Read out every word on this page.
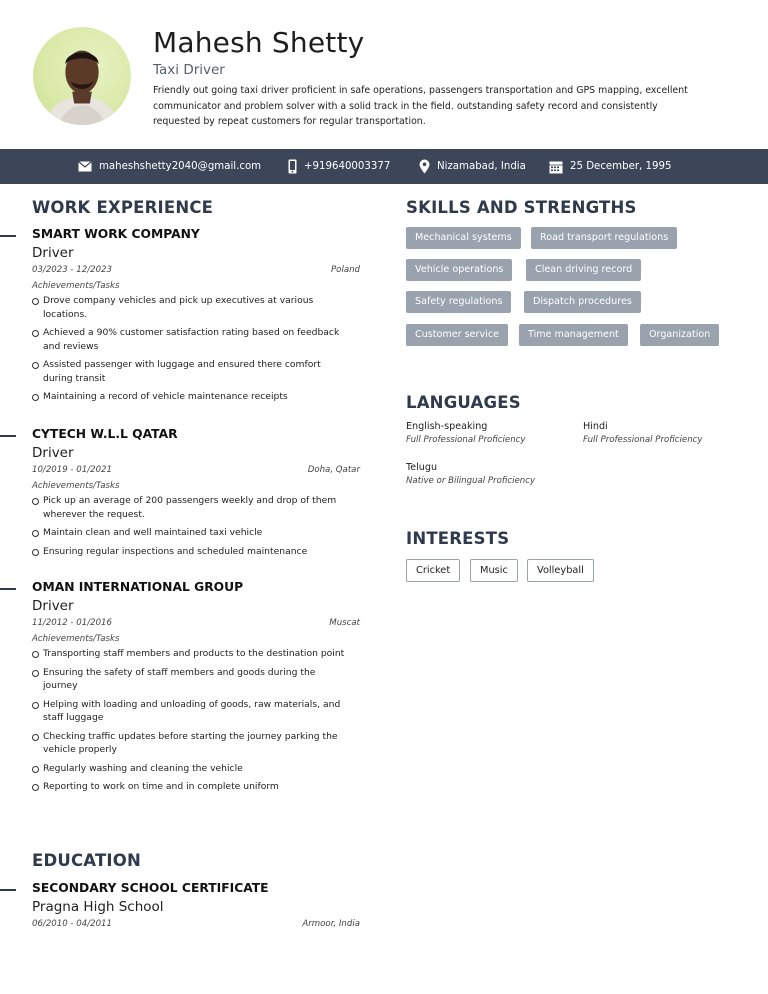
Mahesh Shetty
Taxi Driver
Friendly out going taxi driver proficient in safe operations, passengers transportation and GPS mapping, excellent communicator and problem solver with a solid track in the field. outstanding safety record and consistently requested by repeat customers for regular transportation.
maheshshetty2040@gmail.com	+919640003377	Nizamabad, India	25 December, 1995
WORK EXPERIENCE
SMART WORK COMPANY
Driver
03/2023 - 12/2023	Poland
Achievements/Tasks
Drove company vehicles and pick up executives at various locations.
Achieved a 90% customer satisfaction rating based on feedback and reviews
Assisted passenger with luggage and ensured there comfort during transit
Maintaining a record of vehicle maintenance receipts
CYTECH W.L.L QATAR
Driver
10/2019 - 01/2021	Doha, Qatar
Achievements/Tasks
Pick up an average of 200 passengers weekly and drop of them wherever the request.
Maintain clean and well maintained taxi vehicle
Ensuring regular inspections and scheduled maintenance
OMAN INTERNATIONAL GROUP
Driver
11/2012 - 01/2016	Muscat
Achievements/Tasks
Transporting staff members and products to the destination point
Ensuring the safety of staff members and goods during the journey
Helping with loading and unloading of goods, raw materials, and staff luggage
Checking traffic updates before starting the journey parking the vehicle properly
Regularly washing and cleaning the vehicle
Reporting to work on time and in complete uniform
EDUCATION
SECONDARY SCHOOL CERTIFICATE
Pragna High School
06/2010 - 04/2011	Armoor, India
SKILLS AND STRENGTHS
Mechanical systems	Road transport regulations
Vehicle operations	Clean driving record
Safety regulations	Dispatch procedures
Customer service	Time management	Organization
LANGUAGES
English-speaking
Full Professional Proficiency
Hindi
Full Professional Proficiency
Telugu
Native or Bilingual Proficiency
INTERESTS
Cricket	Music	Volleyball
